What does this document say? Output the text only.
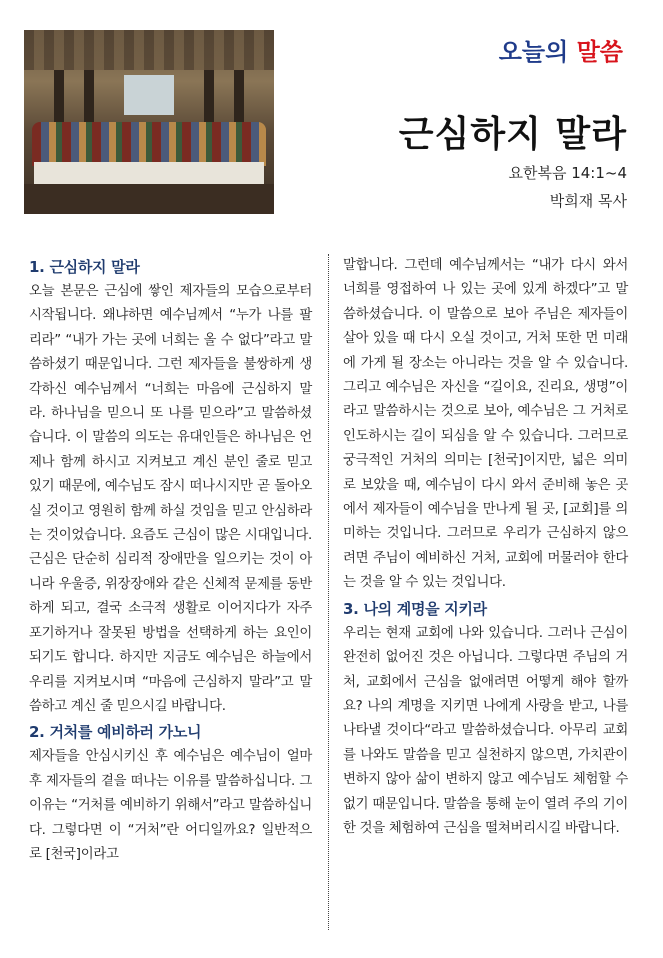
오늘의 말씀
근심하지 말라
요한복음 14:1~4
박희재 목사

1. 근심하지 말라

오늘 본문은 근심에 쌓인 제자들의 모습으로부터 시작됩니다. 왜냐하면 예수님께서 “누가 나를 팔리라” “내가 가는 곳에 너희는 올 수 없다”라고 말씀하셨기 때문입니다. 그런 제자들을 불쌍하게 생각하신 예수님께서 “너희는 마음에 근심하지 말라. 하나님을 믿으니 또 나를 믿으라”고 말씀하셨습니다. 이 말씀의 의도는 유대인들은 하나님은 언제나 함께 하시고 지켜보고 계신 분인 줄로 믿고 있기 때문에, 예수님도 잠시 떠나시지만 곧 돌아오실 것이고 영원히 함께 하실 것임을 믿고 안심하라는 것이었습니다. 요즘도 근심이 많은 시대입니다. 근심은 단순히 심리적 장애만을 일으키는 것이 아니라 우울증, 위장장애와 같은 신체적 문제를 동반하게 되고, 결국 소극적 생활로 이어지다가 자주 포기하거나 잘못된 방법을 선택하게 하는 요인이 되기도 합니다. 하지만 지금도 예수님은 하늘에서 우리를 지켜보시며 “마음에 근심하지 말라”고 말씀하고 계신 줄 믿으시길 바랍니다.

2. 거처를 예비하러 가노니

제자들을 안심시키신 후 예수님은 예수님이 얼마 후 제자들의 곁을 떠나는 이유를 말씀하십니다. 그 이유는 “거처를 예비하기 위해서”라고 말씀하십니다. 그렇다면 이 “거처”란 어디일까요? 일반적으로 [천국]이라고

말합니다. 그런데 예수님께서는 “내가 다시 와서 너희를 영접하여 나 있는 곳에 있게 하겠다”고 말씀하셨습니다. 이 말씀으로 보아 주님은 제자들이 살아 있을 때 다시 오실 것이고, 거처 또한 먼 미래에 가게 될 장소는 아니라는 것을 알 수 있습니다. 그리고 예수님은 자신을 “길이요, 진리요, 생명”이라고 말씀하시는 것으로 보아, 예수님은 그 거처로 인도하시는 길이 되심을 알 수 있습니다. 그러므로 궁극적인 거처의 의미는 [천국]이지만, 넓은 의미로 보았을 때, 예수님이 다시 와서 준비해 놓은 곳에서 제자들이 예수님을 만나게 될 곳, [교회]를 의미하는 것입니다. 그러므로 우리가 근심하지 않으려면 주님이 예비하신 거처, 교회에 머물러야 한다는 것을 알 수 있는 것입니다.

3. 나의 계명을 지키라

우리는 현재 교회에 나와 있습니다. 그러나 근심이 완전히 없어진 것은 아닙니다. 그렇다면 주님의 거처, 교회에서 근심을 없애려면 어떻게 해야 할까요? 나의 계명을 지키면 나에게 사랑을 받고, 나를 나타낼 것이다“라고 말씀하셨습니다. 아무리 교회를 나와도 말씀을 믿고 실천하지 않으면, 가치관이 변하지 않아 삶이 변하지 않고 예수님도 체험할 수 없기 때문입니다. 말씀을 통해 눈이 열려 주의 기이한 것을 체험하여 근심을 떨쳐버리시길 바랍니다.
